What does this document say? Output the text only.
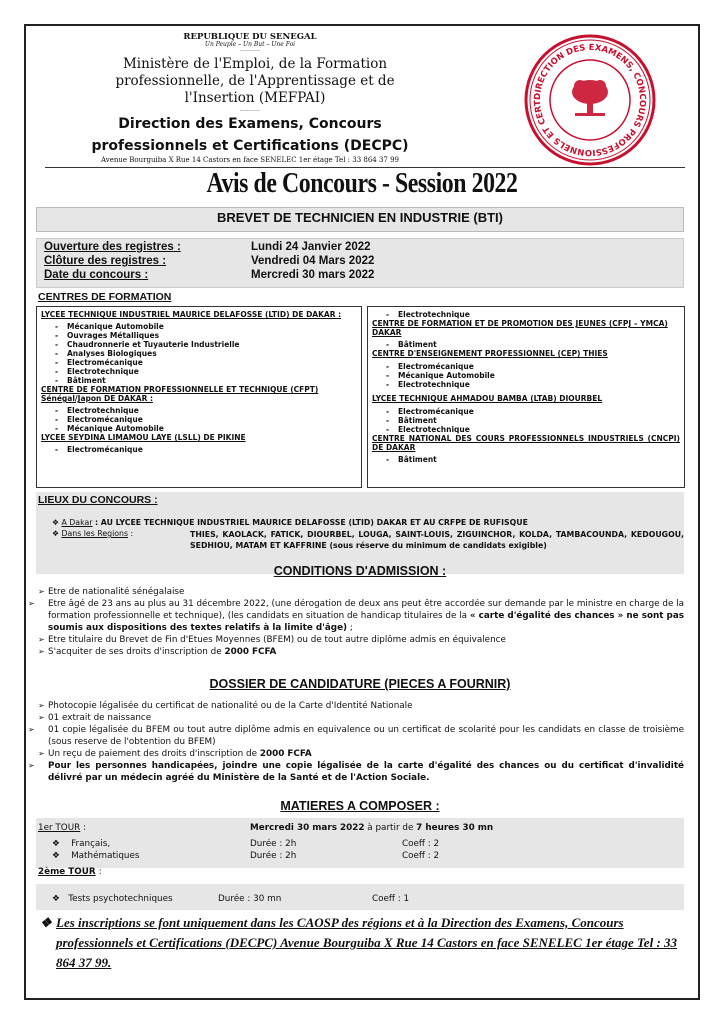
REPUBLIQUE DU SENEGAL
Un Peuple – Un But – Une Foi
------------
Ministère de l'Emploi, de la Formation
professionnelle, de l'Apprentissage et de
l'Insertion (MEFPAI)
------------
Direction des Examens, Concours
professionnels et Certifications (DECPC)
Avenue Bourguiba X Rue 14 Castors en face SENELEC 1er étage Tel : 33 864 37 99
DIRECTION DES EXAMENS, CONCOURS PROFESSIONNELS ET CERT
Avis de Concours - Session 2022
BREVET DE TECHNICIEN EN INDUSTRIE (BTI)
Ouverture des registres :	Lundi 24 Janvier 2022
Clôture des registres :	Vendredi 04 Mars 2022
Date du concours :	Mercredi 30 mars 2022
CENTRES DE FORMATION
LYCEE TECHNIQUE INDUSTRIEL MAURICE DELAFOSSE (LTID) DE DAKAR :
- Mécanique Automobile
- Ouvrages Métalliques
- Chaudronnerie et Tuyauterie Industrielle
- Analyses Biologiques
- Electromécanique
- Electrotechnique
- Bâtiment
CENTRE DE FORMATION PROFESSIONNELLE ET TECHNIQUE (CFPT) Sénégal/Japon DE DAKAR :
- Electrotechnique
- Electromécanique
- Mécanique Automobile
LYCEE SEYDINA LIMAMOU LAYE (LSLL) DE PIKINE
- Electromécanique
- Electrotechnique
CENTRE DE FORMATION ET DE PROMOTION DES JEUNES (CFPJ – YMCA) DAKAR
- Bâtiment
CENTRE D'ENSEIGNEMENT PROFESSIONNEL (CEP) THIES
- Electromécanique
- Mécanique Automobile
- Electrotechnique
LYCEE TECHNIQUE AHMADOU BAMBA (LTAB) DIOURBEL
- Electromécanique
- Bâtiment
- Electrotechnique
CENTRE NATIONAL DES COURS PROFESSIONNELS INDUSTRIELS (CNCPI) DE DAKAR
- Bâtiment
LIEUX DU CONCOURS :
❖ A Dakar : AU LYCEE TECHNIQUE INDUSTRIEL MAURICE DELAFOSSE (LTID) DAKAR ET AU CRFPE DE RUFISQUE
❖ Dans les Regions :	THIES, KAOLACK, FATICK, DIOURBEL, LOUGA, SAINT-LOUIS, ZIGUINCHOR, KOLDA, TAMBACOUNDA, KEDOUGOU, SEDHIOU, MATAM ET KAFFRINE (sous réserve du minimum de candidats exigible)
CONDITIONS D'ADMISSION :
➢ Etre de nationalité sénégalaise
➢ Etre âgé de 23 ans au plus au 31 décembre 2022, (une dérogation de deux ans peut être accordée sur demande par le ministre en charge de la formation professionnelle et technique), (les candidats en situation de handicap titulaires de la « carte d'égalité des chances » ne sont pas soumis aux dispositions des textes relatifs à la limite d'âge) ;
➢ Etre titulaire du Brevet de Fin d'Etues Moyennes (BFEM) ou de tout autre diplôme admis en équivalence
➢ S'acquiter de ses droits d'inscription de 2000 FCFA
DOSSIER DE CANDIDATURE (PIECES A FOURNIR)
➢ Photocopie légalisée du certificat de nationalité ou de la Carte d'Identité Nationale
➢ 01 extrait de naissance
➢ 01 copie légalisée du BFEM ou tout autre diplôme admis en equivalence ou un certificat de scolarité pour les candidats en classe de troisième (sous reserve de l'obtention du BFEM)
➢ Un reçu de paiement des droits d'inscription de 2000 FCFA
➢ Pour les personnes handicapées, joindre une copie légalisée de la carte d'égalité des chances ou du certificat d'invalidité délivré par un médecin agréé du Ministère de la Santé et de l'Action Sociale.
MATIERES A COMPOSER :
1er TOUR :	Mercredi 30 mars 2022 à partir de 7 heures 30 mn
❖ Français,	Durée : 2h	Coeff : 2
❖ Mathématiques	Durée : 2h	Coeff : 2
2ème TOUR :
❖ Tests psychotechniques	Durée : 30 mn	Coeff : 1
❖ Les inscriptions se font uniquement dans les CAOSP des régions et à la Direction des Examens, Concours professionnels et Certifications (DECPC) Avenue Bourguiba X Rue 14 Castors en face SENELEC 1er étage Tel : 33 864 37 99.
